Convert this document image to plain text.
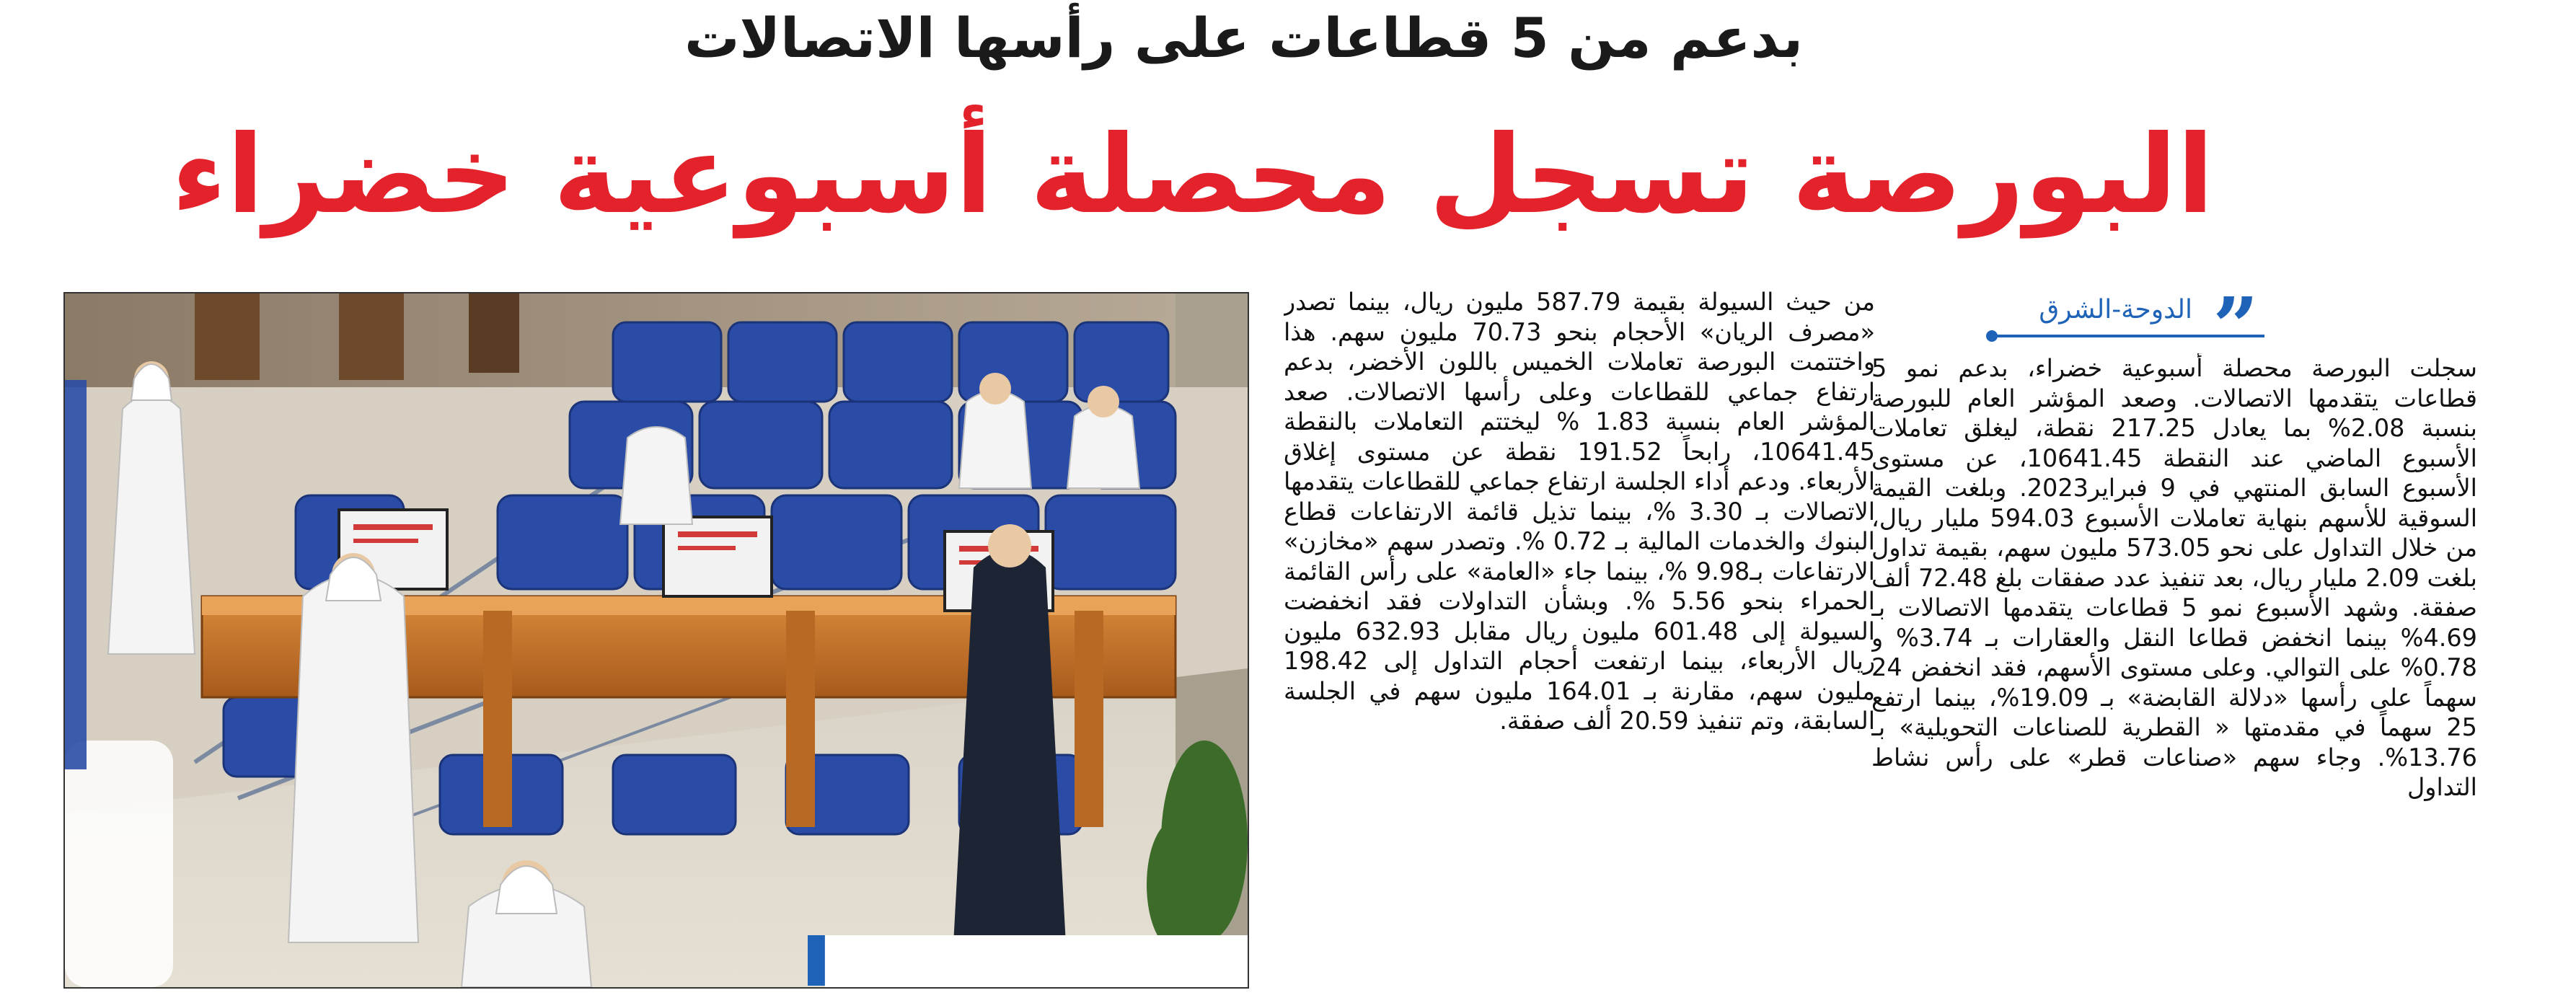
بدعم من 5 قطاعات على رأسها الاتصالات
البورصة تسجل محصلة أسبوعية خضراء
”
الدوحة-الشرق

سجلت البورصة محصلة أسبوعية خضراء، بدعم نمو 5 قطاعات يتقدمها الاتصالات. وصعد المؤشر العام للبورصة بنسبة 2.08% بما يعادل 217.25 نقطة، ليغلق تعاملات الأسبوع الماضي عند النقطة 10641.45، عن مستوى الأسبوع السابق المنتهي في 9 فبراير2023. وبلغت القيمة السوقية للأسهم بنهاية تعاملات الأسبوع 594.03 مليار ريال، من خلال التداول على نحو 573.05 مليون سهم، بقيمة تداول بلغت 2.09 مليار ريال، بعد تنفيذ عدد صفقات بلغ 72.48 ألف صفقة. وشهد الأسبوع نمو 5 قطاعات يتقدمها الاتصالات بـ 4.69% بينما انخفض قطاعا النقل والعقارات بـ 3.74% و 0.78% على التوالي. وعلى مستوى الأسهم، فقد انخفض 24 سهماً على رأسها «دلالة القابضة» بـ 19.09%، بينما ارتفع 25 سهماً في مقدمتها « القطرية للصناعات التحويلية» بـ 13.76%. وجاء سهم «صناعات قطر» على رأس نشاط التداول

من حيث السيولة بقيمة 587.79 مليون ريال، بينما تصدر «مصرف الريان» الأحجام بنحو 70.73 مليون سهم. هذا واختتمت البورصة تعاملات الخميس باللون الأخضر، بدعم ارتفاع جماعي للقطاعات وعلى رأسها الاتصالات. صعد المؤشر العام بنسبة 1.83 % ليختتم التعاملات بالنقطة 10641.45، رابحاً 191.52 نقطة عن مستوى إغلاق الأربعاء. ودعم أداء الجلسة ارتفاع جماعي للقطاعات يتقدمها الاتصالات بـ 3.30 %، بينما تذيل قائمة الارتفاعات قطاع البنوك والخدمات المالية بـ 0.72 %. وتصدر سهم «مخازن» الارتفاعات بـ9.98 %، بينما جاء «العامة» على رأس القائمة الحمراء بنحو 5.56 %. وبشأن التداولات فقد انخفضت السيولة إلى 601.48 مليون ريال مقابل 632.93 مليون ريال الأربعاء، بينما ارتفعت أحجام التداول إلى 198.42 مليون سهم، مقارنة بـ 164.01 مليون سهم في الجلسة السابقة، وتم تنفيذ 20.59 ألف صفقة.
